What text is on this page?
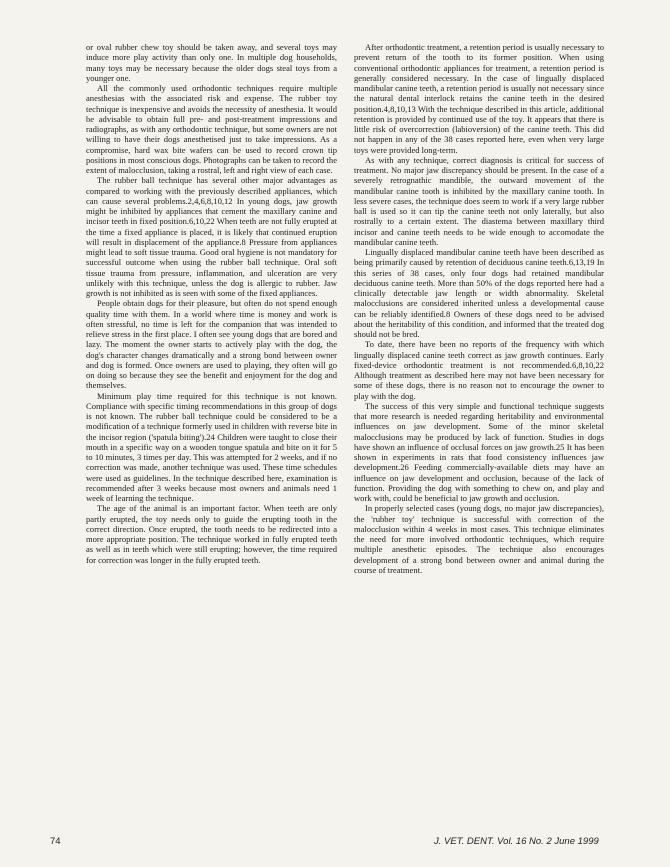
or oval rubber chew toy should be taken away, and several toys may induce more play activity than only one. In multiple dog households, many toys may be necessary because the older dogs steal toys from a younger one.

All the commonly used orthodontic techniques require multiple anesthesias with the associated risk and expense. The rubber toy technique is inexpensive and avoids the necessity of anesthesia. It would be advisable to obtain full pre- and post-treatment impressions and radiographs, as with any orthodontic technique, but some owners are not willing to have their dogs anesthetised just to take impressions. As a compromise, hard wax bite wafers can be used to record crown tip positions in most conscious dogs. Photographs can be taken to record the extent of malocclusion, taking a rostral, left and right view of each case.

The rubber ball technique has several other major advantages as compared to working with the previously described appliances, which can cause several problems.2,4,6,8,10,12 In young dogs, jaw growth might be inhibited by appliances that cement the maxillary canine and incisor teeth in fixed position.6,10,22 When teeth are not fully erupted at the time a fixed appliance is placed, it is likely that continued eruption will result in displacement of the appliance.8 Pressure from appliances might lead to soft tissue trauma. Good oral hygiene is not mandatory for successful outcome when using the rubber ball technique. Oral soft tissue trauma from pressure, inflammation, and ulceration are very unlikely with this technique, unless the dog is allergic to rubber. Jaw growth is not inhibited as is seen with some of the fixed appliances.

People obtain dogs for their pleasure, but often do not spend enough quality time with them. In a world where time is money and work is often stressful, no time is left for the companion that was intended to relieve stress in the first place. I often see young dogs that are bored and lazy. The moment the owner starts to actively play with the dog, the dog's character changes dramatically and a strong bond between owner and dog is formed. Once owners are used to playing, they often will go on doing so because they see the benefit and enjoyment for the dog and themselves.

Minimum play time required for this technique is not known. Compliance with specific timing recommendations in this group of dogs is not known. The rubber ball technique could be considered to be a modification of a technique formerly used in children with reverse bite in the incisor region ('spatula biting').24 Children were taught to close their mouth in a specific way on a wooden tongue spatula and bite on it for 5 to 10 minutes, 3 times per day. This was attempted for 2 weeks, and if no correction was made, another technique was used. These time schedules were used as guidelines. In the technique described here, examination is recommended after 3 weeks because most owners and animals need 1 week of learning the technique.

The age of the animal is an important factor. When teeth are only partly erupted, the toy needs only to guide the erupting tooth in the correct direction. Once erupted, the tooth needs to be redirected into a more appropriate position. The technique worked in fully erupted teeth as well as in teeth which were still erupting; however, the time required for correction was longer in the fully erupted teeth.

After orthodontic treatment, a retention period is usually necessary to prevent return of the tooth to its former position. When using conventional orthodontic appliances for treatment, a retention period is generally considered necessary. In the case of lingually displaced mandibular canine teeth, a retention period is usually not necessary since the natural dental interlock retains the canine teeth in the desired position.4,8,10,13 With the technique described in this article, additional retention is provided by continued use of the toy. It appears that there is little risk of overcorrection (labioversion) of the canine teeth. This did not happen in any of the 38 cases reported here, even when very large toys were provided long-term.

As with any technique, correct diagnosis is critical for success of treatment. No major jaw discrepancy should be present. In the case of a severely retrognathic mandible, the outward movement of the mandibular canine tooth is inhibited by the maxillary canine tooth. In less severe cases, the technique does seem to work if a very large rubber ball is used so it can tip the canine teeth not only laterally, but also rostrally to a certain extent. The diastema between maxillary third incisor and canine teeth needs to be wide enough to accomodate the mandibular canine teeth.

Lingually displaced mandibular canine teeth have been described as being primarily caused by retention of deciduous canine teeth.6,13,19 In this series of 38 cases, only four dogs had retained mandibular deciduous canine teeth. More than 50% of the dogs reported here had a clinically detectable jaw length or width abnormality. Skeletal malocclusions are considered inherited unless a developmental cause can be reliably identified.8 Owners of these dogs need to be advised about the heritability of this condition, and informed that the treated dog should not be bred.

To date, there have been no reports of the frequency with which lingually displaced canine teeth correct as jaw growth continues. Early fixed-device orthodontic treatment is not recommended.6,8,10,22 Although treatment as described here may not have been necessary for some of these dogs, there is no reason not to encourage the owner to play with the dog.

The success of this very simple and functional technique suggests that more research is needed regarding heritability and environmental influences on jaw development. Some of the minor skeletal malocclusions may be produced by lack of function. Studies in dogs have shown an influence of occlusal forces on jaw growth.25 It has been shown in experiments in rats that food consistency influences jaw development.26 Feeding commercially-available diets may have an influence on jaw development and occlusion, because of the lack of function. Providing the dog with something to chew on, and play and work with, could be beneficial to jaw growth and occlusion.

In properly selected cases (young dogs, no major jaw discrepancies), the 'rubber toy' technique is successful with correction of the malocclusion within 4 weeks in most cases. This technique eliminates the need for more involved orthodontic techniques, which require multiple anesthetic episodes. The technique also encourages development of a strong bond between owner and animal during the course of treatment.

74	J. VET. DENT. Vol. 16 No. 2 June 1999
